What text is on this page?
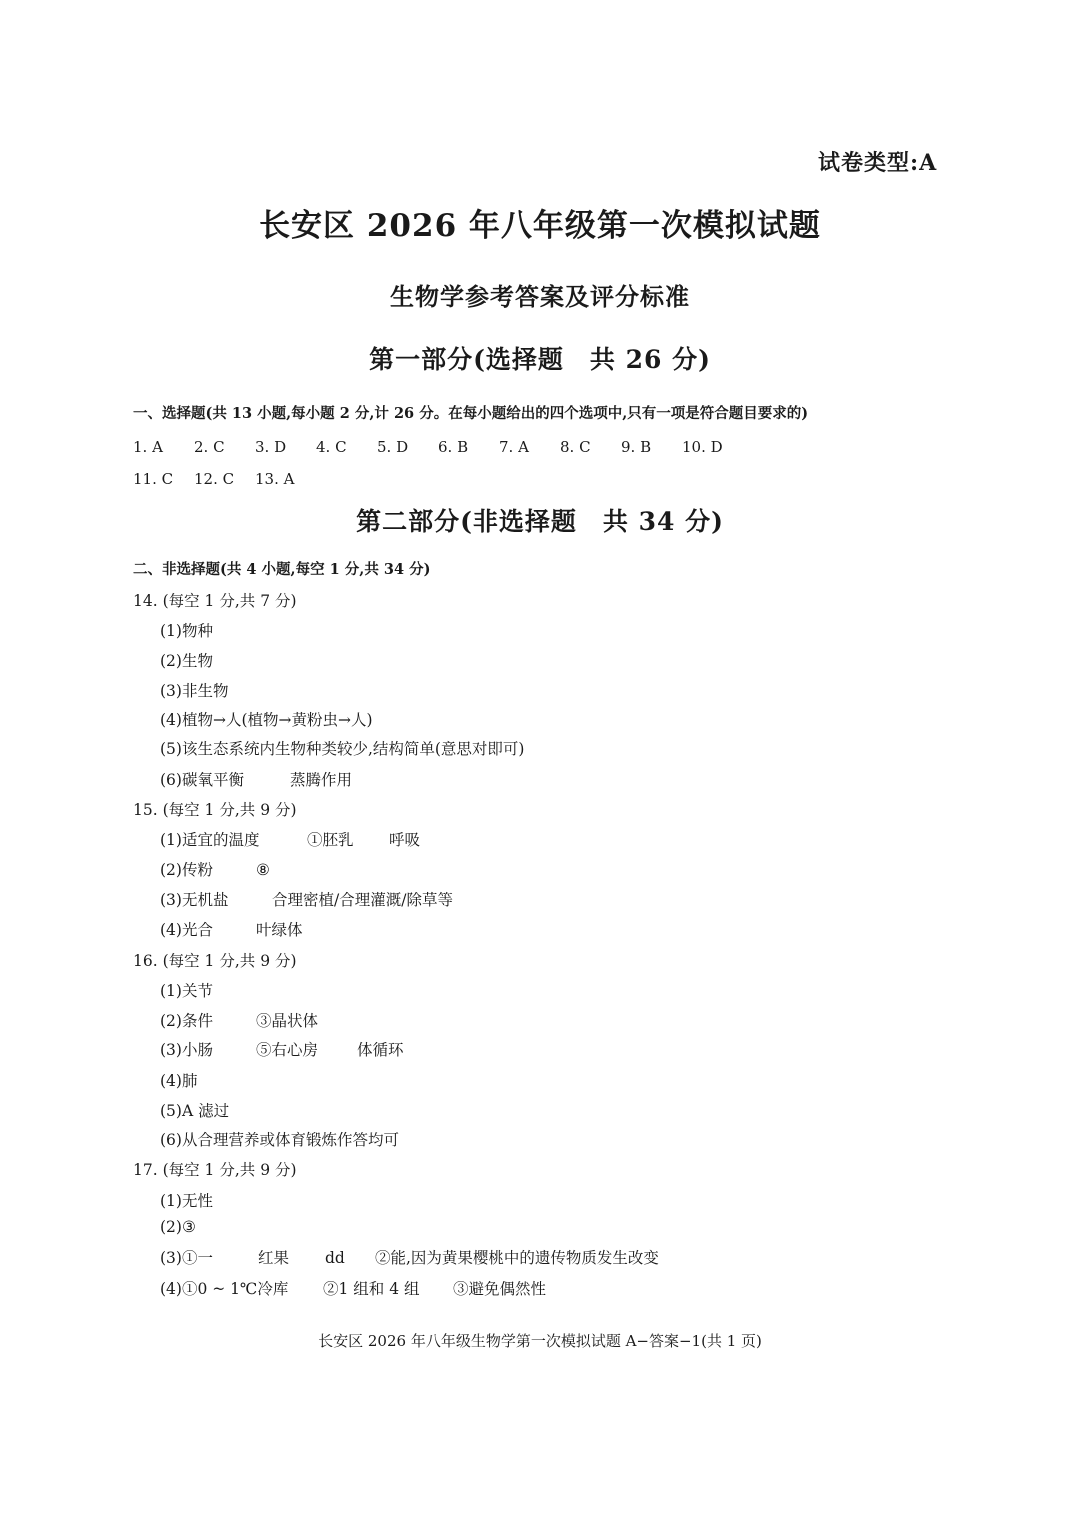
试卷类型:A
长安区 2026 年八年级第一次模拟试题
生物学参考答案及评分标准
第一部分(选择题　共 26 分)
一、选择题(共 13 小题,每小题 2 分,计 26 分。在每小题给出的四个选项中,只有一项是符合题目要求的)
1. A 2. C 3. D 4. C 5. D 6. B 7. A 8. C 9. B 10. D
11. C 12. C 13. A
第二部分(非选择题　共 34 分)
二、非选择题(共 4 小题,每空 1 分,共 34 分)
14. (每空 1 分,共 7 分)
(1)物种
(2)生物
(3)非生物
(4)植物→人(植物→黄粉虫→人)
(5)该生态系统内生物种类较少,结构简单(意思对即可)
(6)碳氧平衡	蒸腾作用
15. (每空 1 分,共 9 分)
(1)适宜的温度	①胚乳 呼吸
(2)传粉	⑧
(3)无机盐	合理密植/合理灌溉/除草等
(4)光合	叶绿体
16. (每空 1 分,共 9 分)
(1)关节
(2)条件	③晶状体
(3)小肠	⑤右心房	体循环
(4)肺
(5)A 滤过
(6)从合理营养或体育锻炼作答均可
17. (每空 1 分,共 9 分)
(1)无性
(2)③
(3)①一	红果 dd ②能,因为黄果樱桃中的遗传物质发生改变
(4)①0 ~ 1℃冷库 ②1 组和 4 组 ③避免偶然性
长安区 2026 年八年级生物学第一次模拟试题 A−答案−1(共 1 页)
